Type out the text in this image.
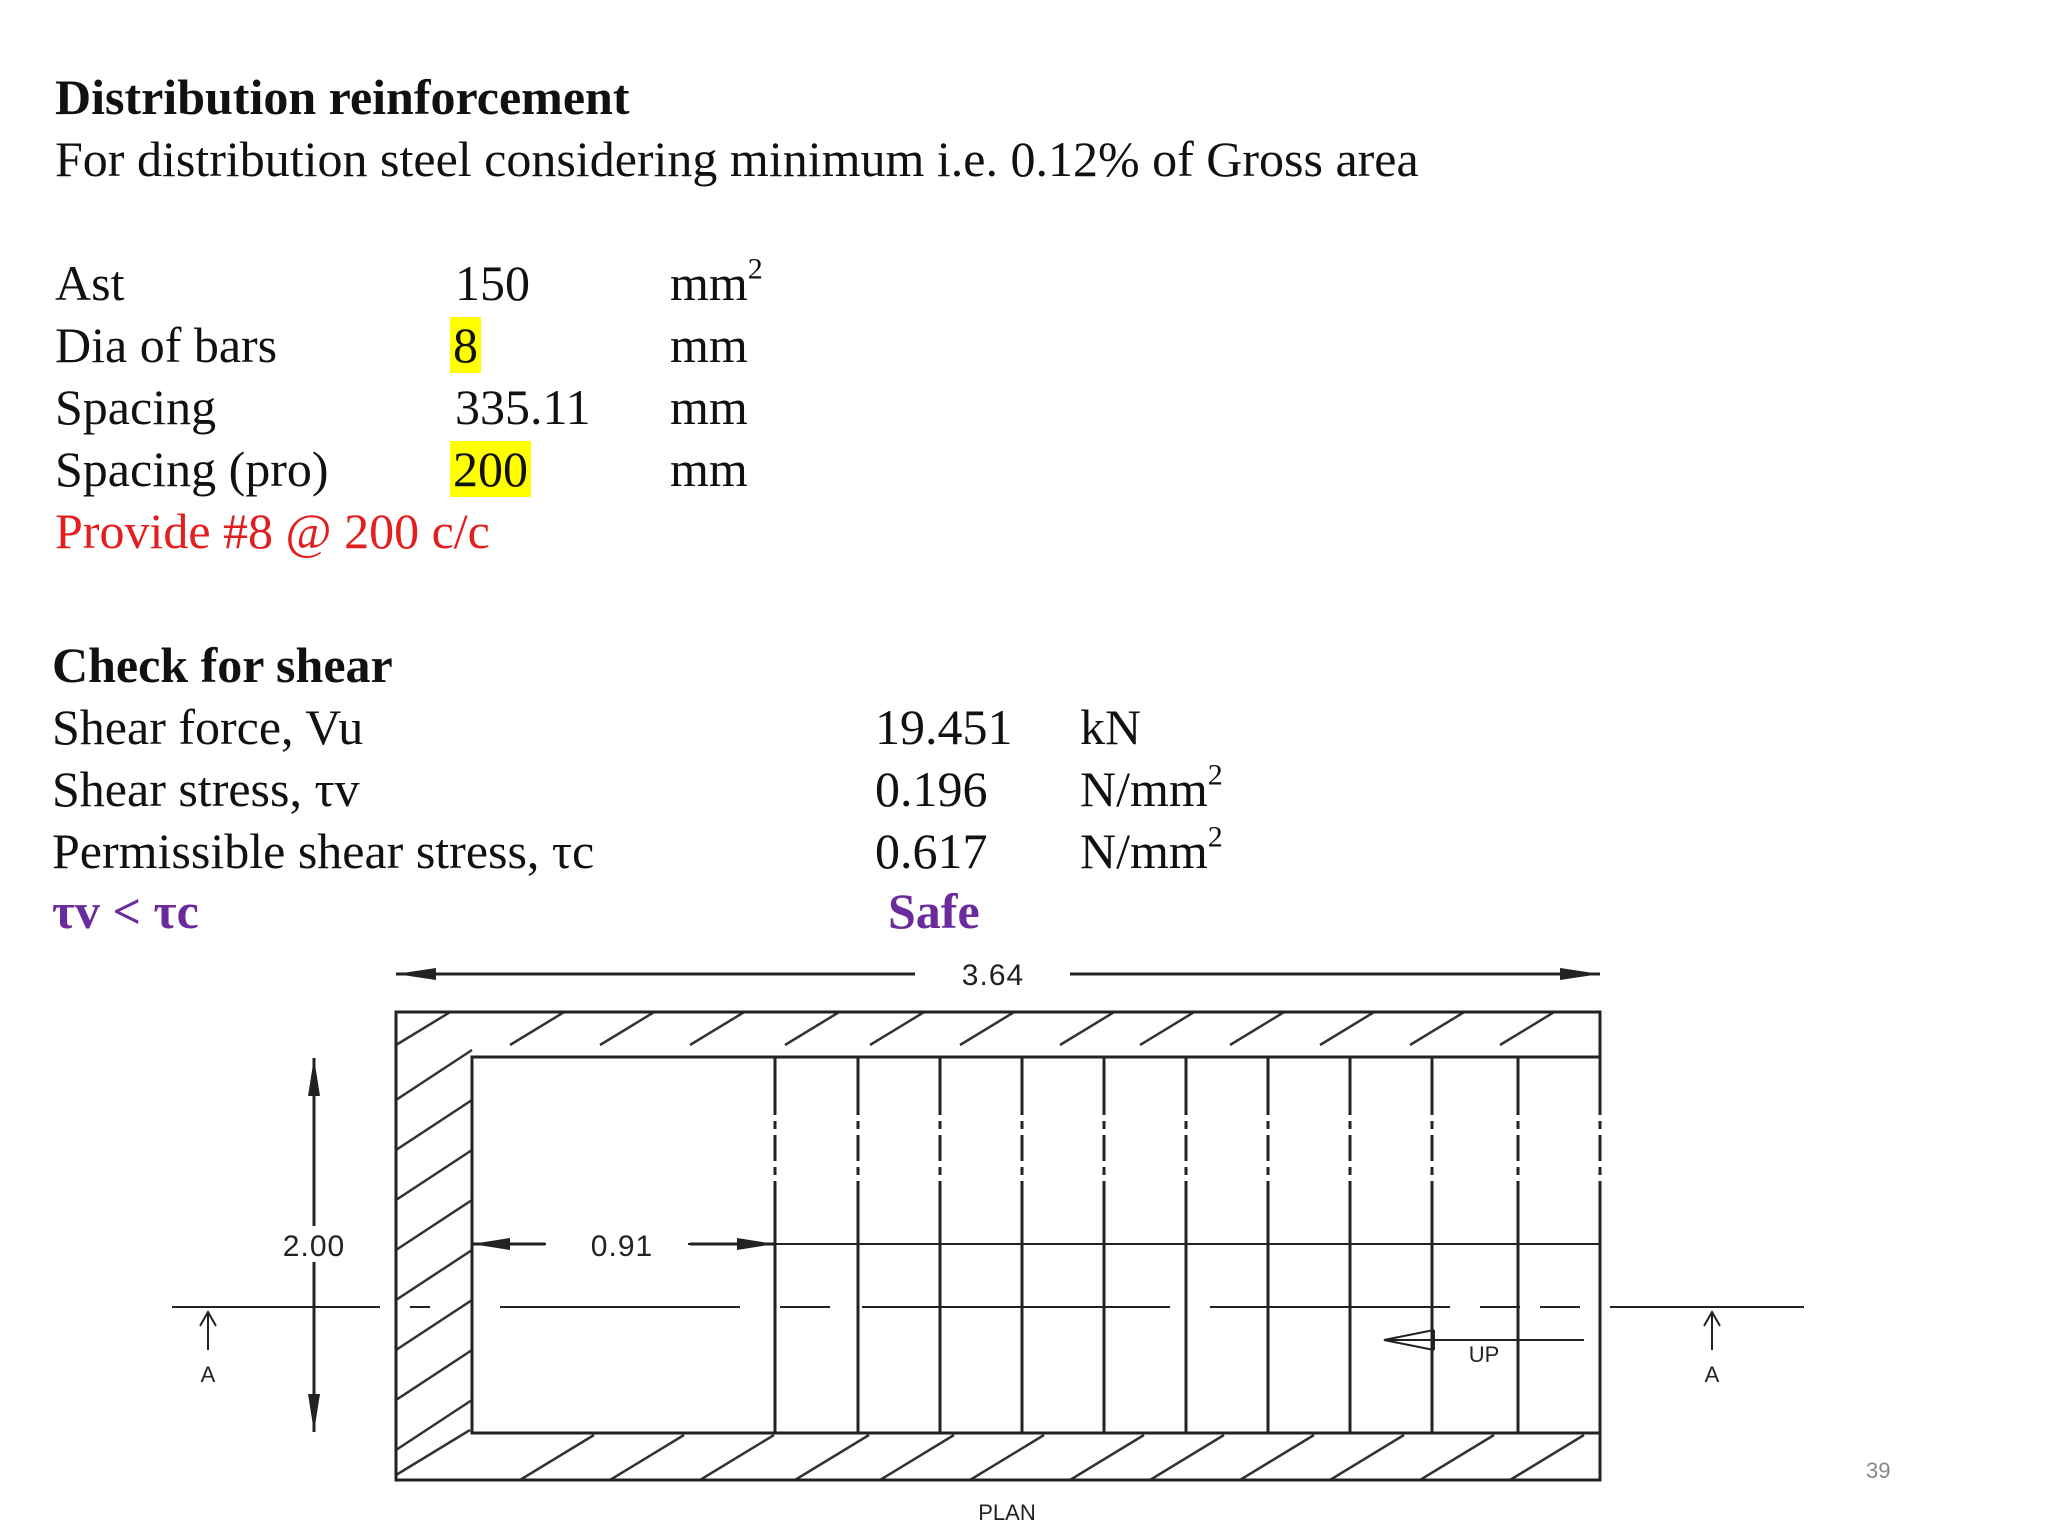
Distribution reinforcement
For distribution steel considering minimum i.e. 0.12% of Gross area
Ast	150	$mm^2$
Dia of bars	8	mm
Spacing	335.11 mm
Spacing (pro) 200	mm
Provide #8 @ 200 c/c
Check for shear
Shear force, Vu	19.451 kN
Shear stress, τv	0.196 $N/mm^2$
Permissible shear stress, τc	0.617 $N/mm^2$
τv < τc	Safe
3.64
0.91
2.00
A	A
UP
PLAN
39
